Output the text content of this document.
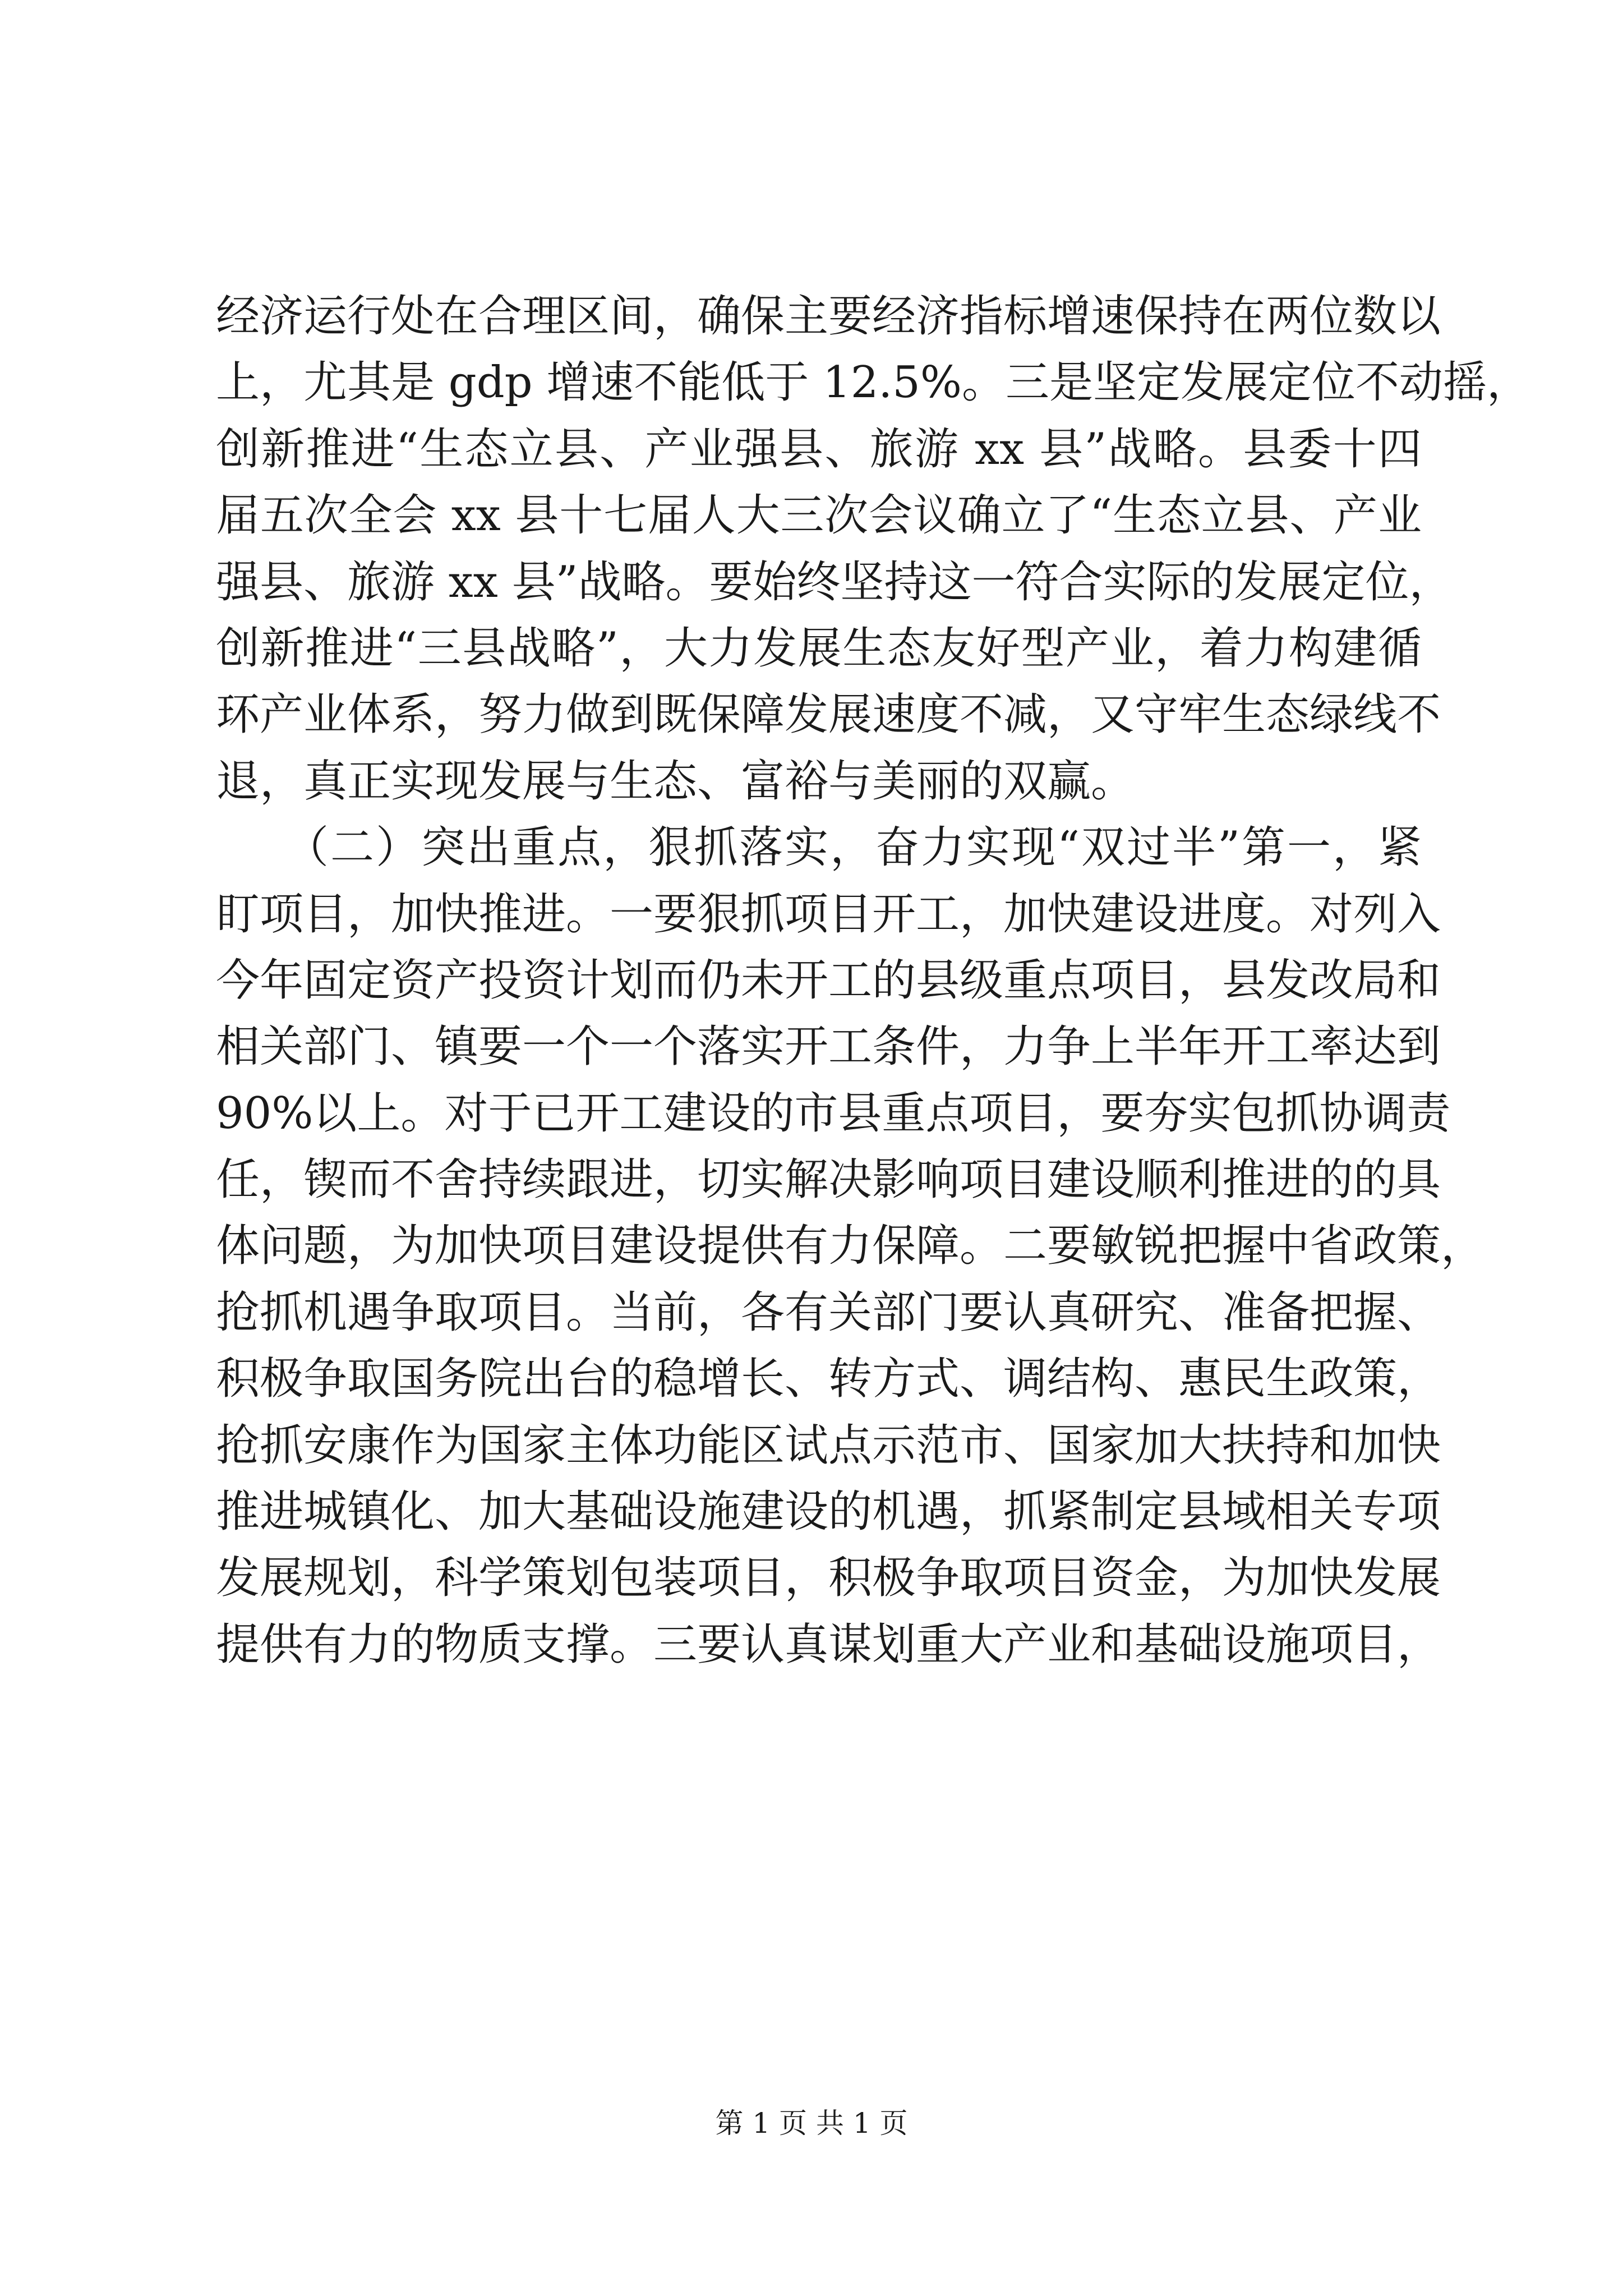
经济运行处在合理区间，确保主要经济指标增速保持在两位数以
上，尤其是 gdp 增速不能低于 12.5%。三是坚定发展定位不动摇，
创新推进“生态立县、产业强县、旅游 xx 县”战略。县委十四
届五次全会 xx 县十七届人大三次会议确立了“生态立县、产业
强县、旅游 xx 县”战略。要始终坚持这一符合实际的发展定位，
创新推进“三县战略”，大力发展生态友好型产业，着力构建循
环产业体系，努力做到既保障发展速度不减，又守牢生态绿线不
退，真正实现发展与生态、富裕与美丽的双赢。
　　（二）突出重点，狠抓落实，奋力实现“双过半”第一，紧
盯项目，加快推进。一要狠抓项目开工，加快建设进度。对列入
今年固定资产投资计划而仍未开工的县级重点项目，县发改局和
相关部门、镇要一个一个落实开工条件，力争上半年开工率达到
90%以上。对于已开工建设的市县重点项目，要夯实包抓协调责
任，锲而不舍持续跟进，切实解决影响项目建设顺利推进的的具
体问题，为加快项目建设提供有力保障。二要敏锐把握中省政策，
抢抓机遇争取项目。当前，各有关部门要认真研究、准备把握、
积极争取国务院出台的稳增长、转方式、调结构、惠民生政策，
抢抓安康作为国家主体功能区试点示范市、国家加大扶持和加快
推进城镇化、加大基础设施建设的机遇，抓紧制定县域相关专项
发展规划，科学策划包装项目，积极争取项目资金，为加快发展
提供有力的物质支撑。三要认真谋划重大产业和基础设施项目，
第 1 页 共 1 页
